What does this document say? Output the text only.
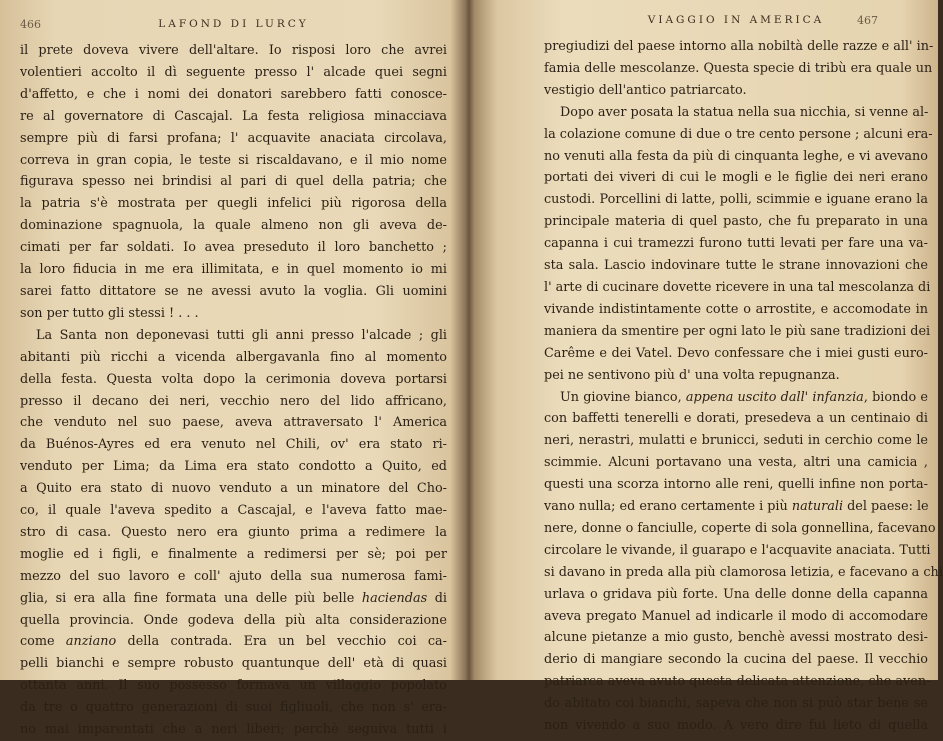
466	LAFOND DI LURCY
il prete doveva vivere dell'altare. Io risposi loro che avrei
volentieri accolto il dì seguente presso l' alcade quei segni
d'affetto, e che i nomi dei donatori sarebbero fatti conosce-
re al governatore di Cascajal. La festa religiosa minacciava
sempre più di farsi profana; l' acquavite anaciata circolava,
correva in gran copia, le teste si riscaldavano, e il mio nome
figurava spesso nei brindisi al pari di quel della patria; che
la patria s'è mostrata per quegli infelici più rigorosa della
dominazione spagnuola, la quale almeno non gli aveva de-
cimati per far soldati. Io avea preseduto il loro banchetto ;
la loro fiducia in me era illimitata, e in quel momento io mi
sarei fatto dittatore se ne avessi avuto la voglia. Gli uomini
son per tutto gli stessi ! . . .
La Santa non deponevasi tutti gli anni presso l'alcade ; gli
abitanti più ricchi a vicenda albergavanla fino al momento
della festa. Questa volta dopo la cerimonia doveva portarsi
presso il decano dei neri, vecchio nero del lido affricano,
che venduto nel suo paese, aveva attraversato l' America
da Buénos-Ayres ed era venuto nel Chili, ov' era stato ri-
venduto per Lima; da Lima era stato condotto a Quito, ed
a Quito era stato di nuovo venduto a un minatore del Cho-
co, il quale l'aveva spedito a Cascajal, e l'aveva fatto mae-
stro di casa. Questo nero era giunto prima a redimere la
moglie ed i figli, e finalmente a redimersi per sè; poi per
mezzo del suo lavoro e coll' ajuto della sua numerosa fami-
glia, si era alla fine formata una delle più belle haciendas di
quella provincia. Onde godeva della più alta considerazione
come anziano della contrada. Era un bel vecchio coi ca-
pelli bianchi e sempre robusto quantunque dell' età di quasi
ottanta anni. Il suo possesso formava un villaggio popolato
da tre o quattro generazioni di suoi figliuoli, che non s' era-
no mai imparentati che a neri liberi; perchè seguiva tutti i
VIAGGIO IN AMERICA	467
pregiudizi del paese intorno alla nobiltà delle razze e all' in-
famia delle mescolanze. Questa specie di tribù era quale un
vestigio dell'antico patriarcato.
Dopo aver posata la statua nella sua nicchia, si venne al-
la colazione comune di due o tre cento persone ; alcuni era-
no venuti alla festa da più di cinquanta leghe, e vi avevano
portati dei viveri di cui le mogli e le figlie dei neri erano
custodi. Porcellini di latte, polli, scimmie e iguane erano la
principale materia di quel pasto, che fu preparato in una
capanna i cui tramezzi furono tutti levati per fare una va-
sta sala. Lascio indovinare tutte le strane innovazioni che
l' arte di cucinare dovette ricevere in una tal mescolanza di
vivande indistintamente cotte o arrostite, e accomodate in
maniera da smentire per ogni lato le più sane tradizioni dei
Carême e dei Vatel. Devo confessare che i miei gusti euro-
pei ne sentivono più d' una volta repugnanza.
Un giovine bianco, appena uscito dall' infanzia, biondo e
con baffetti tenerelli e dorati, presedeva a un centinaio di
neri, nerastri, mulatti e brunicci, seduti in cerchio come le
scimmie. Alcuni portavano una vesta, altri una camicia ,
questi una scorza intorno alle reni, quelli infine non porta-
vano nulla; ed erano certamente i più naturali del paese: le
nere, donne o fanciulle, coperte di sola gonnellina, facevano
circolare le vivande, il guarapo e l'acquavite anaciata. Tutti
si davano in preda alla più clamorosa letizia, e facevano a chi
urlava o gridava più forte. Una delle donne della capanna
aveva pregato Manuel ad indicarle il modo di accomodare
alcune pietanze a mio gusto, benchè avessi mostrato desi-
derio di mangiare secondo la cucina del paese. Il vecchio
patriarca aveva avuto questa delicata attenzione, che aven-
do abitato coi bianchi, sapeva che non si può star bene se
non vivendo a suo modo. A vero dire fui lieto di quella
